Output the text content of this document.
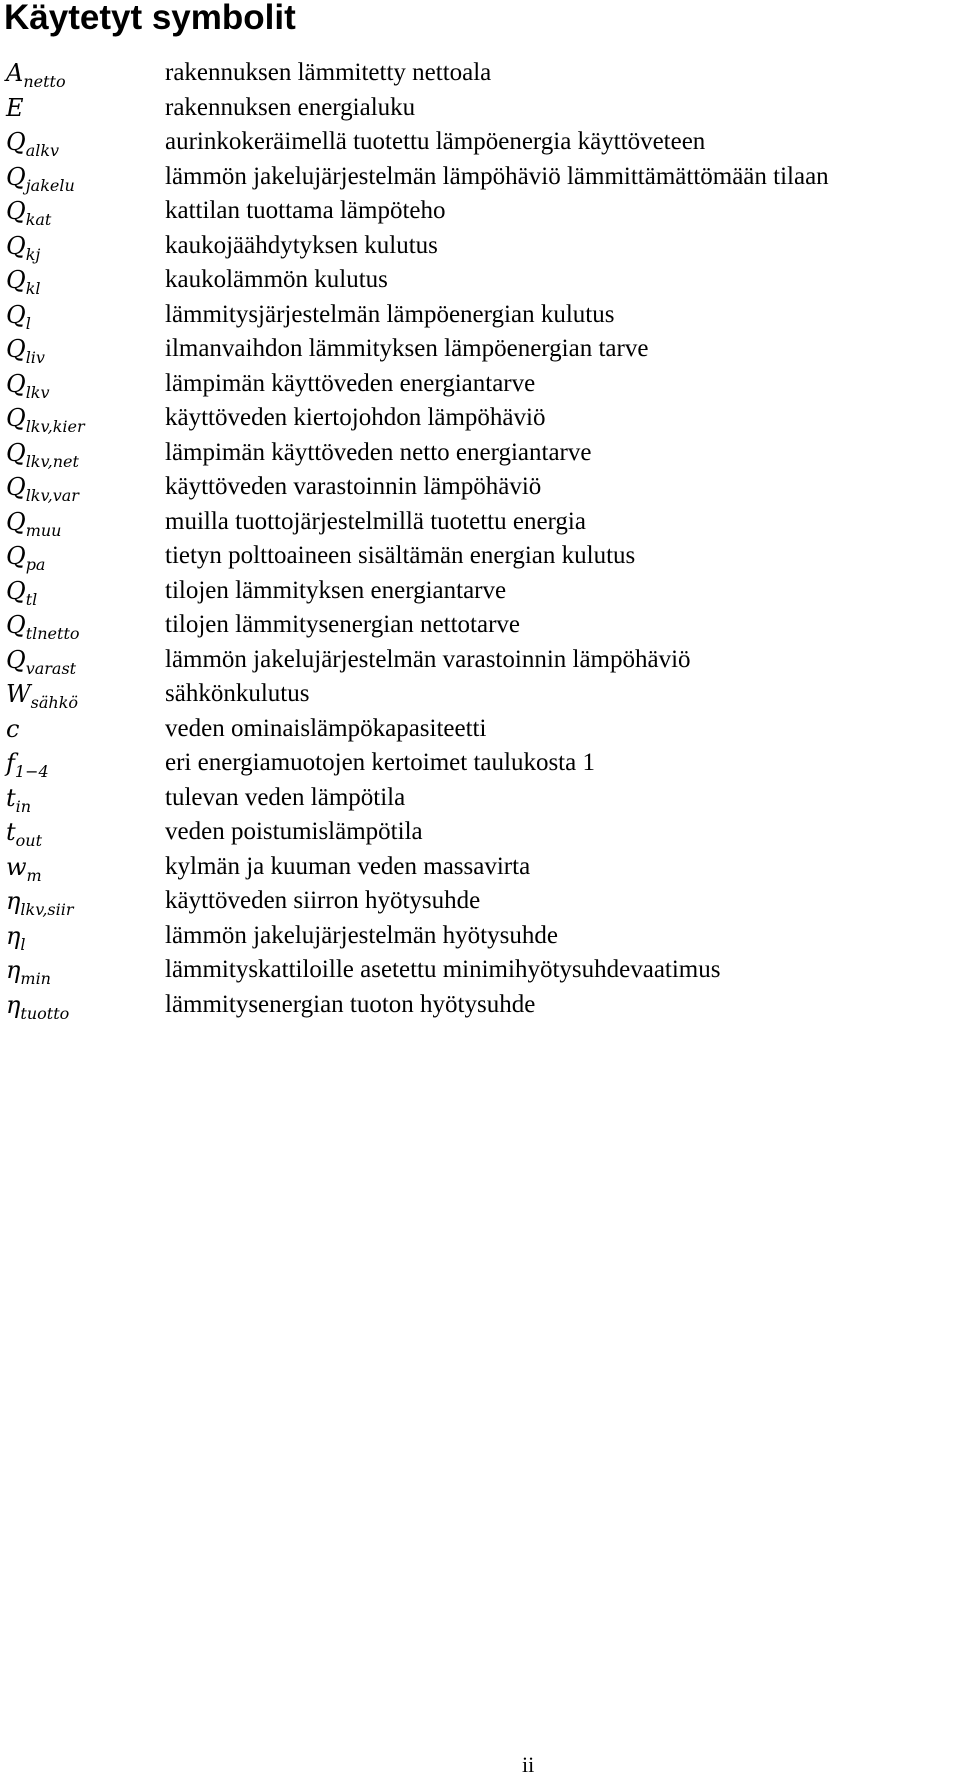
Käytetyt symbolit
$A_{netto}$	rakennuksen lämmitetty nettoala
E	rakennuksen energialuku
$Q_{alkv}$	aurinkokeräimellä tuotettu lämpöenergia käyttöveteen
$Q_{jakelu}$	lämmön jakelujärjestelmän lämpöhäviö lämmittämättömään tilaan
$Q_{kat}$	kattilan tuottama lämpöteho
$Q_{kj}$	kaukojäähdytyksen kulutus
$Q_{kl}$	kaukolämmön kulutus
$Q_l$	lämmitysjärjestelmän lämpöenergian kulutus
$Q_{liv}$	ilmanvaihdon lämmityksen lämpöenergian tarve
$Q_{lkv}$	lämpimän käyttöveden energiantarve
$Q_{lkv,kier}$	käyttöveden kiertojohdon lämpöhäviö
$Q_{lkv,net}$	lämpimän käyttöveden netto energiantarve
$Q_{lkv,var}$	käyttöveden varastoinnin lämpöhäviö
$Q_{muu}$	muilla tuottojärjestelmillä tuotettu energia
$Q_{pa}$	tietyn polttoaineen sisältämän energian kulutus
$Q_{tl}$	tilojen lämmityksen energiantarve
$Q_{tlnetto}$	tilojen lämmitysenergian nettotarve
$Q_{varast}$	lämmön jakelujärjestelmän varastoinnin lämpöhäviö
$W_{sähkö}$	sähkönkulutus
c	veden ominaislämpökapasiteetti
$f_{1-4}$	eri energiamuotojen kertoimet taulukosta 1
$t_{in}$	tulevan veden lämpötila
$t_{out}$	veden poistumislämpötila
$w_m$	kylmän ja kuuman veden massavirta
$\eta_{lkv,siir}$	käyttöveden siirron hyötysuhde
$\eta_l$	lämmön jakelujärjestelmän hyötysuhde
$\eta_{min}$	lämmityskattiloille asetettu minimihyötysuhdevaatimus
$\eta_{tuotto}$	lämmitysenergian tuoton hyötysuhde
ii
